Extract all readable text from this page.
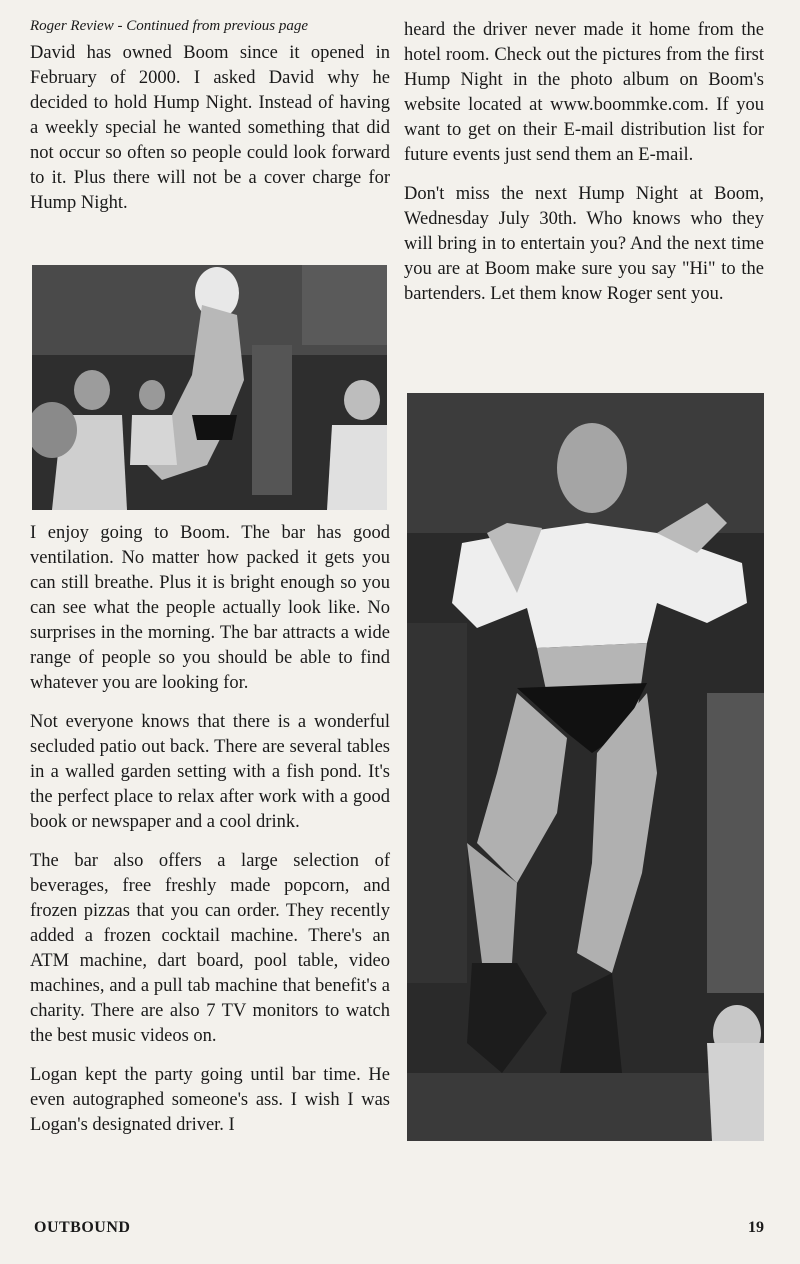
Roger Review - Continued from previous page

David has owned Boom since it opened in February of 2000. I asked David why he decided to hold Hump Night. Instead of having a weekly special he wanted something that did not occur so often so people could look forward to it. Plus there will not be a cover charge for Hump Night.

I enjoy going to Boom. The bar has good ventilation. No matter how packed it gets you can still breathe. Plus it is bright enough so you can see what the people actually look like. No surprises in the morning. The bar attracts a wide range of people so you should be able to find whatever you are looking for.

Not everyone knows that there is a wonderful secluded patio out back. There are several tables in a walled garden setting with a fish pond. It's the perfect place to relax after work with a good book or newspaper and a cool drink.

The bar also offers a large selection of beverages, free freshly made popcorn, and frozen pizzas that you can order. They recently added a frozen cocktail machine. There's an ATM machine, dart board, pool table, video machines, and a pull tab machine that benefit's a charity. There are also 7 TV monitors to watch the best music videos on.

Logan kept the party going until bar time. He even autographed someone's ass. I wish I was Logan's designated driver. I

heard the driver never made it home from the hotel room. Check out the pictures from the first Hump Night in the photo album on Boom's website located at www.boommke.com. If you want to get on their E-mail distribution list for future events just send them an E-mail.

Don't miss the next Hump Night at Boom, Wednesday July 30th. Who knows who they will bring in to entertain you? And the next time you are at Boom make sure you say "Hi" to the bartenders. Let them know Roger sent you.

OUTBOUND	19
